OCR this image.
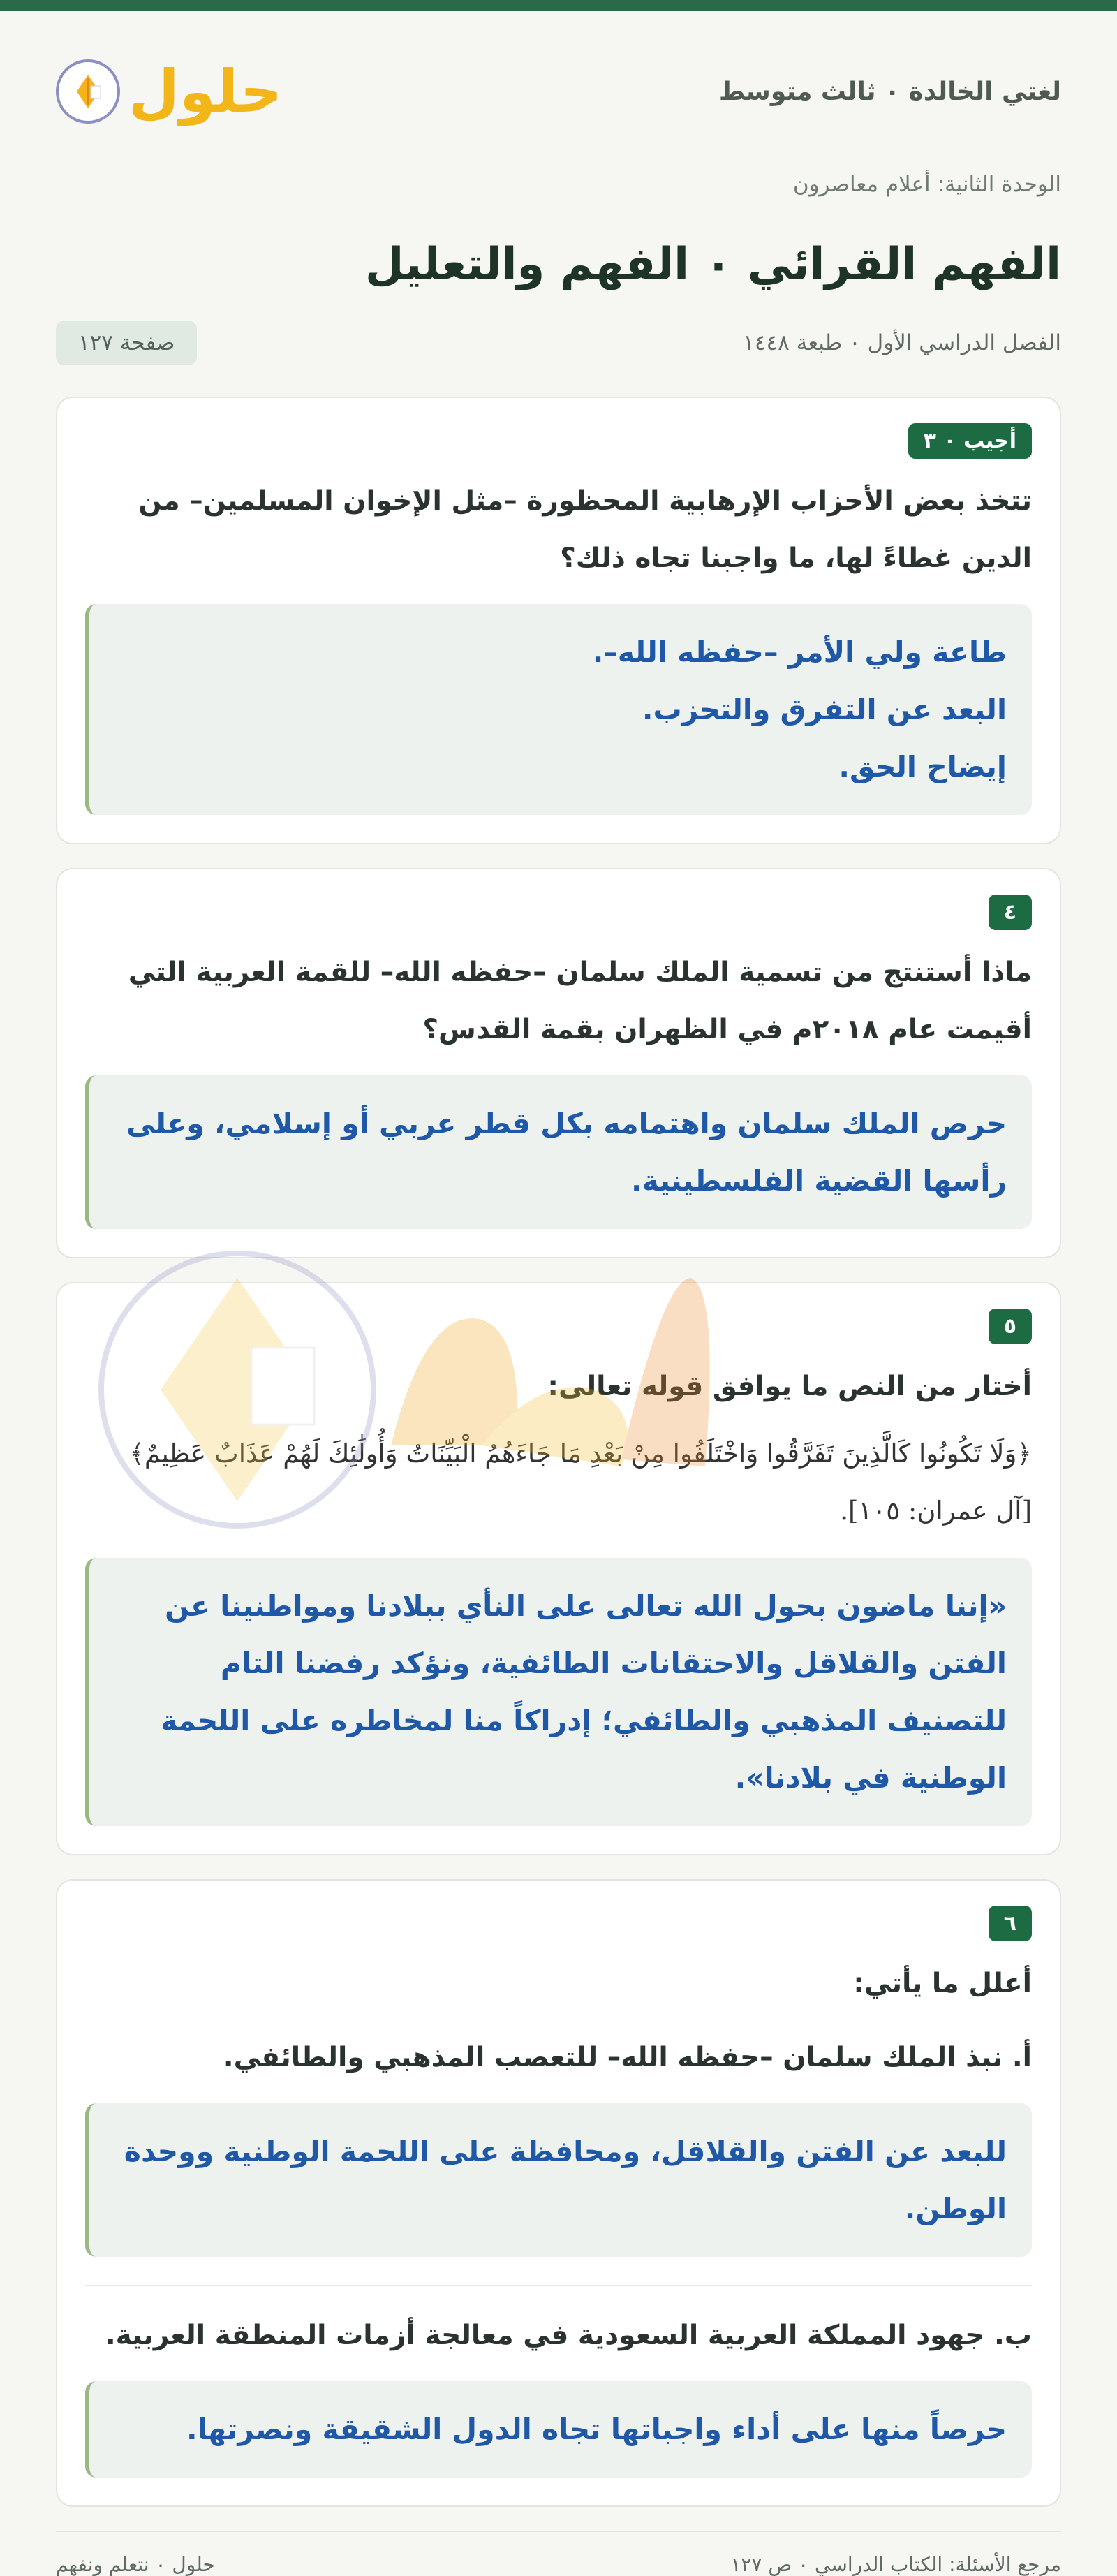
لغتي الخالدة ٠ ثالث متوسط
حلول
الوحدة الثانية: أعلام معاصرون
الفهم القرائي ٠ الفهم والتعليل
الفصل الدراسي الأول ٠ طبعة ١٤٤٨
صفحة ١٢٧
أجيب ٠ ٣
تتخذ بعض الأحزاب الإرهابية المحظورة –مثل الإخوان المسلمين– من الدين غطاءً لها، ما واجبنا تجاه ذلك؟
طاعة ولي الأمر –حفظه الله–.
البعد عن التفرق والتحزب.
إيضاح الحق.
٤
ماذا أستنتج من تسمية الملك سلمان –حفظه الله– للقمة العربية التي أقيمت عام ٢٠١٨م في الظهران بقمة القدس؟
حرص الملك سلمان واهتمامه بكل قطر عربي أو إسلامي، وعلى رأسها القضية الفلسطينية.
٥
أختار من النص ما يوافق قوله تعالى:
﴿وَلَا تَكُونُوا كَالَّذِينَ تَفَرَّقُوا وَاخْتَلَفُوا مِنْ بَعْدِ مَا جَاءَهُمُ الْبَيِّنَاتُ وَأُولَٰئِكَ لَهُمْ عَذَابٌ عَظِيمٌ﴾ [آل عمران: ١٠٥].
«إننا ماضون بحول الله تعالى على النأي ببلادنا ومواطنينا عن الفتن والقلاقل والاحتقانات الطائفية، ونؤكد رفضنا التام للتصنيف المذهبي والطائفي؛ إدراكاً منا لمخاطره على اللحمة الوطنية في بلادنا».
٦
أعلل ما يأتي:
أ. نبذ الملك سلمان –حفظه الله– للتعصب المذهبي والطائفي.
للبعد عن الفتن والقلاقل، ومحافظة على اللحمة الوطنية ووحدة الوطن.
ب. جهود المملكة العربية السعودية في معالجة أزمات المنطقة العربية.
حرصاً منها على أداء واجباتها تجاه الدول الشقيقة ونصرتها.
مرجع الأسئلة: الكتاب الدراسي ٠ ص ١٢٧
حلول ٠ نتعلم ونفهم
